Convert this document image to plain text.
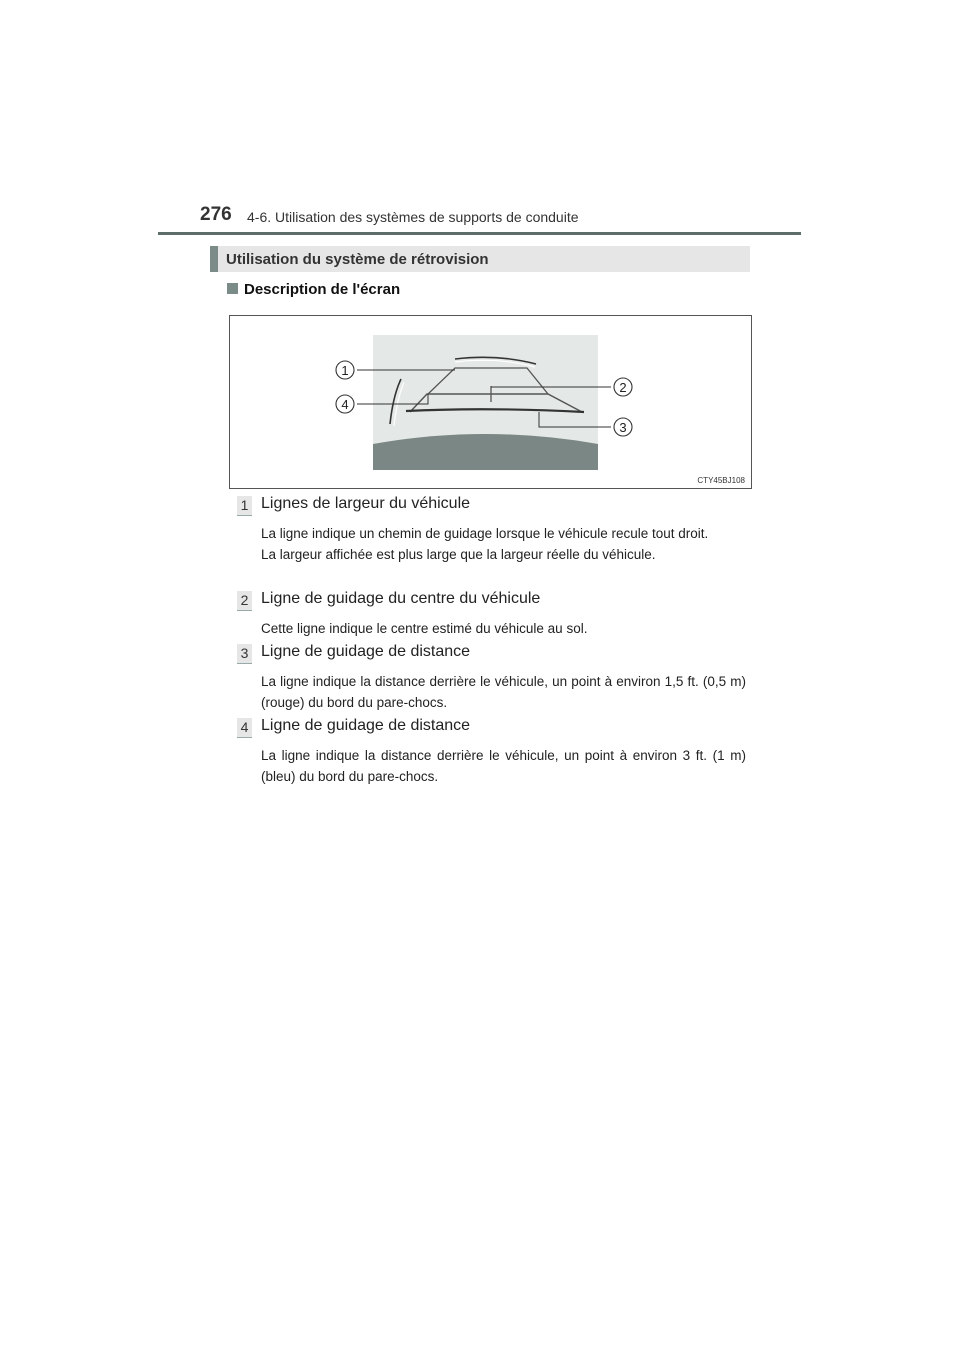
276 4-6. Utilisation des systèmes de supports de conduite
Utilisation du système de rétrovision
Description de l'écran
1
2
3
4
CTY45BJ108
1 Lignes de largeur du véhicule
La ligne indique un chemin de guidage lorsque le véhicule recule tout droit.
La largeur affichée est plus large que la largeur réelle du véhicule.
2 Ligne de guidage du centre du véhicule
Cette ligne indique le centre estimé du véhicule au sol.
3 Ligne de guidage de distance
La ligne indique la distance derrière le véhicule, un point à environ 1,5 ft. (0,5 m) (rouge) du bord du pare-chocs.
4 Ligne de guidage de distance
La ligne indique la distance derrière le véhicule, un point à environ 3 ft. (1 m) (bleu) du bord du pare-chocs.
